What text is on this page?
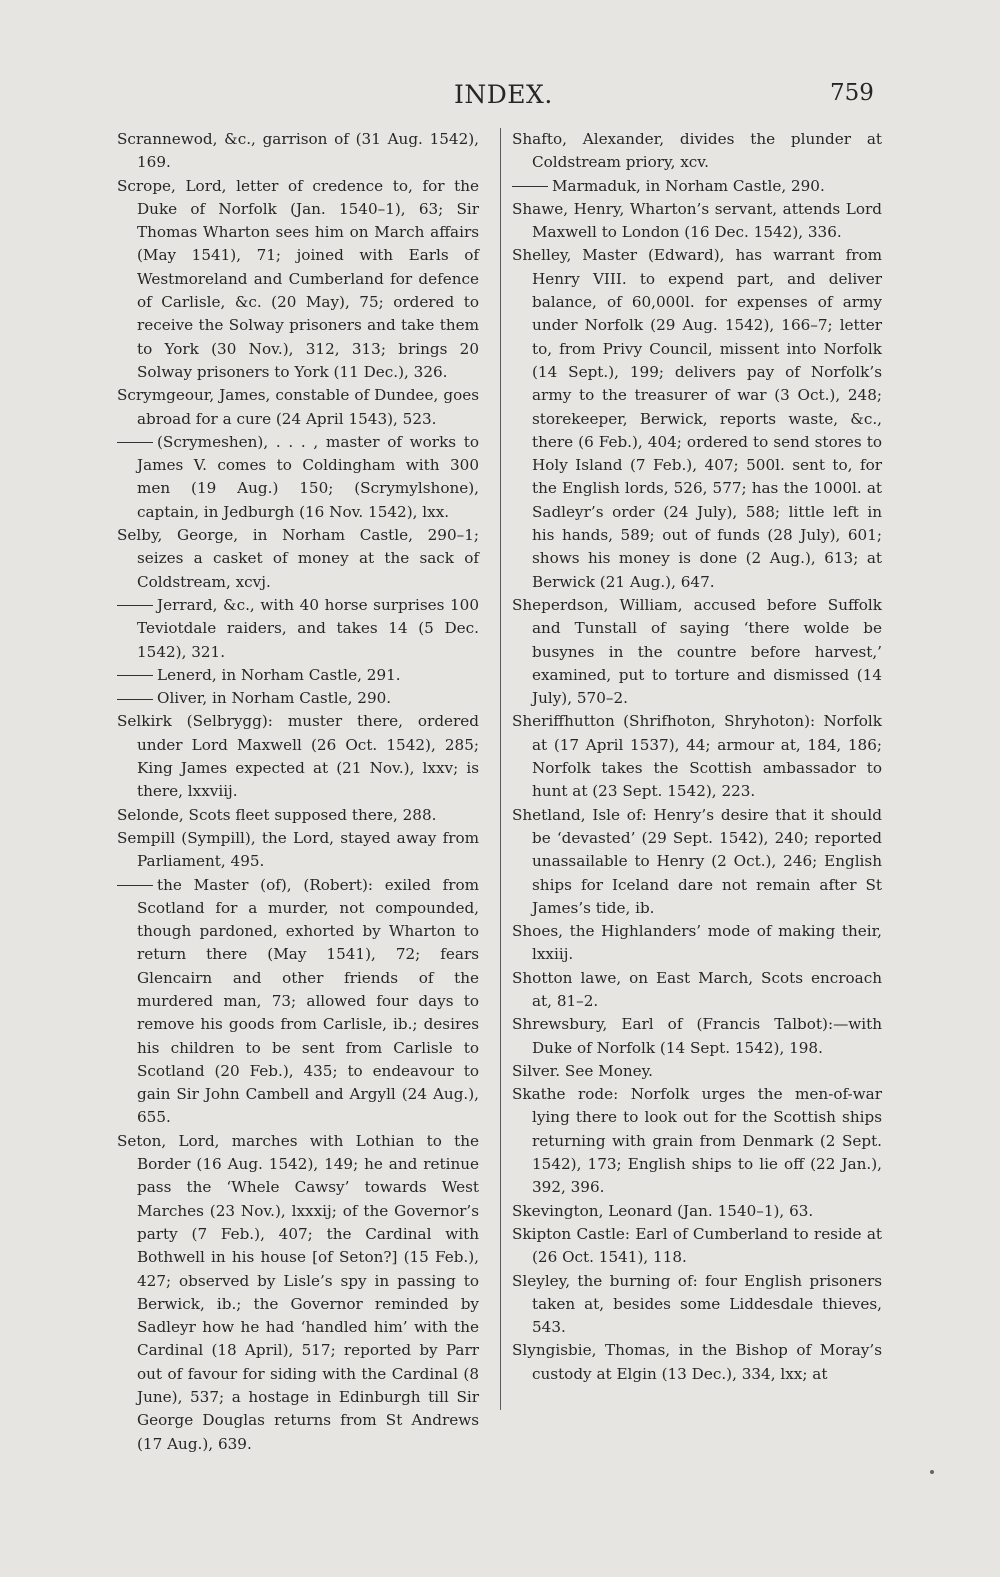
INDEX.	759

Scrannewod, &c., garrison of (31 Aug. 1542), 169.

Scrope, Lord, letter of credence to, for the Duke of Norfolk (Jan. 1540–1), 63; Sir Thomas Wharton sees him on March affairs (May 1541), 71; joined with Earls of Westmoreland and Cumberland for defence of Carlisle, &c. (20 May), 75; ordered to receive the Solway prisoners and take them to York (30 Nov.), 312, 313; brings 20 Solway prisoners to York (11 Dec.), 326.

Scrymgeour, James, constable of Dundee, goes abroad for a cure (24 April 1543), 523.

(Scrymeshen), . . . , master of works to James V. comes to Coldingham with 300 men (19 Aug.) 150; (Scrymylshone), captain, in Jedburgh (16 Nov. 1542), lxx.

Selby, George, in Norham Castle, 290–1; seizes a casket of money at the sack of Coldstream, xcvj.

Jerrard, &c., with 40 horse surprises 100 Teviotdale raiders, and takes 14 (5 Dec. 1542), 321.

Lenerd, in Norham Castle, 291.

Oliver, in Norham Castle, 290.

Selkirk (Selbrygg): muster there, ordered under Lord Maxwell (26 Oct. 1542), 285; King James expected at (21 Nov.), lxxv; is there, lxxviij.

Selonde, Scots fleet supposed there, 288.

Sempill (Sympill), the Lord, stayed away from Parliament, 495.

the Master (of), (Robert): exiled from Scotland for a murder, not compounded, though pardoned, exhorted by Wharton to return there (May 1541), 72; fears Glencairn and other friends of the murdered man, 73; allowed four days to remove his goods from Carlisle, ib.; desires his children to be sent from Carlisle to Scotland (20 Feb.), 435; to endeavour to gain Sir John Cambell and Argyll (24 Aug.), 655.

Seton, Lord, marches with Lothian to the Border (16 Aug. 1542), 149; he and retinue pass the ‘Whele Cawsy’ towards West Marches (23 Nov.), lxxxij; of the Governor’s party (7 Feb.), 407; the Cardinal with Bothwell in his house [of Seton?] (15 Feb.), 427; observed by Lisle’s spy in passing to Berwick, ib.; the Governor reminded by Sadleyr how he had ‘handled him’ with the Cardinal (18 April), 517; reported by Parr out of favour for siding with the Cardinal (8 June), 537; a hostage in Edinburgh till Sir George Douglas returns from St Andrews (17 Aug.), 639.

Shafto, Alexander, divides the plunder at Coldstream priory, xcv.

Marmaduk, in Norham Castle, 290.

Shawe, Henry, Wharton’s servant, attends Lord Maxwell to London (16 Dec. 1542), 336.

Shelley, Master (Edward), has warrant from Henry VIII. to expend part, and deliver balance, of 60,000l. for expenses of army under Norfolk (29 Aug. 1542), 166–7; letter to, from Privy Council, missent into Norfolk (14 Sept.), 199; delivers pay of Norfolk’s army to the treasurer of war (3 Oct.), 248; storekeeper, Berwick, reports waste, &c., there (6 Feb.), 404; ordered to send stores to Holy Island (7 Feb.), 407; 500l. sent to, for the English lords, 526, 577; has the 1000l. at Sadleyr’s order (24 July), 588; little left in his hands, 589; out of funds (28 July), 601; shows his money is done (2 Aug.), 613; at Berwick (21 Aug.), 647.

Sheperdson, William, accused before Suffolk and Tunstall of saying ‘there wolde be busynes in the countre before harvest,’ examined, put to torture and dismissed (14 July), 570–2.

Sheriffhutton (Shrifhoton, Shryhoton): Norfolk at (17 April 1537), 44; armour at, 184, 186; Norfolk takes the Scottish ambassador to hunt at (23 Sept. 1542), 223.

Shetland, Isle of: Henry’s desire that it should be ‘devasted’ (29 Sept. 1542), 240; reported unassailable to Henry (2 Oct.), 246; English ships for Iceland dare not remain after St James’s tide, ib.

Shoes, the Highlanders’ mode of making their, lxxiij.

Shotton lawe, on East March, Scots encroach at, 81–2.

Shrewsbury, Earl of (Francis Talbot):—with Duke of Norfolk (14 Sept. 1542), 198.

Silver. See Money.

Skathe rode: Norfolk urges the men-of-war lying there to look out for the Scottish ships returning with grain from Denmark (2 Sept. 1542), 173; English ships to lie off (22 Jan.), 392, 396.

Skevington, Leonard (Jan. 1540–1), 63.

Skipton Castle: Earl of Cumberland to reside at (26 Oct. 1541), 118.

Sleyley, the burning of: four English prisoners taken at, besides some Liddesdale thieves, 543.

Slyngisbie, Thomas, in the Bishop of Moray’s custody at Elgin (13 Dec.), 334, lxx; at
